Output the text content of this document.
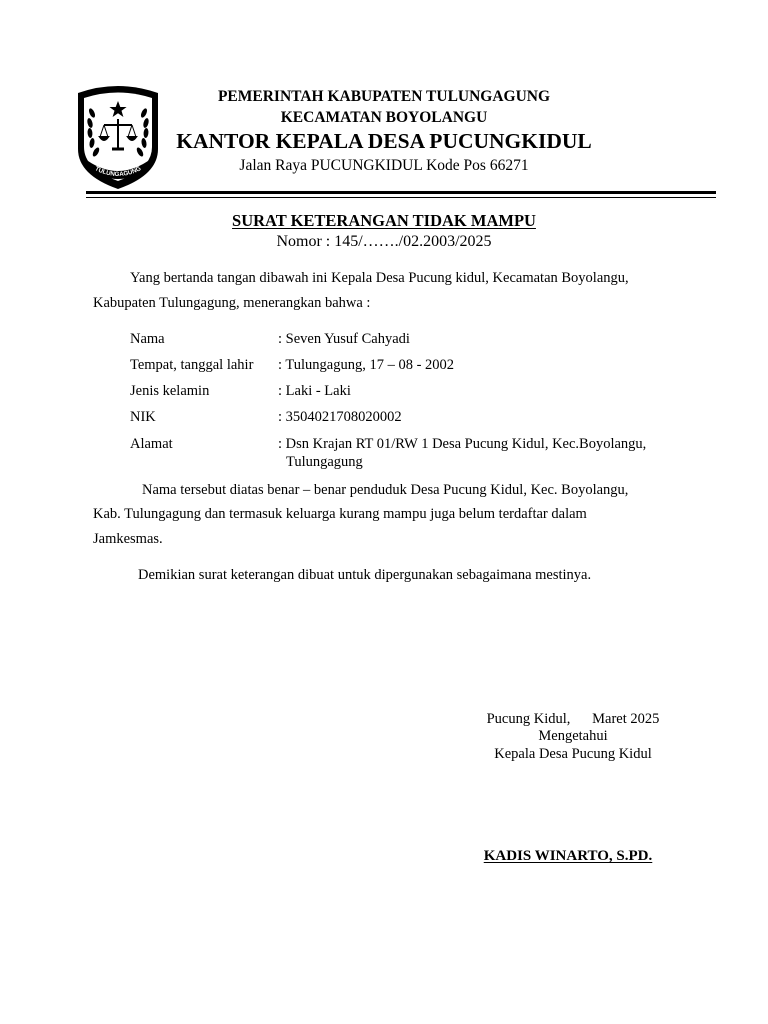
TULUNGAGUNG
PEMERINTAH KABUPATEN TULUNGAGUNG
KECAMATAN BOYOLANGU
KANTOR KEPALA DESA PUCUNGKIDUL
Jalan Raya PUCUNGKIDUL Kode Pos 66271
SURAT KETERANGAN TIDAK MAMPU
Nomor : 145/……./02.2003/2025
Yang bertanda tangan dibawah ini Kepala Desa Pucung kidul, Kecamatan Boyolangu,
Kabupaten Tulungagung, menerangkan bahwa :
Nama	: Seven Yusuf Cahyadi
Tempat, tanggal lahir : Tulungagung, 17 – 08 - 2002
Jenis kelamin	: Laki - Laki
NIK	: 3504021708020002
Alamat	: Dsn Krajan RT 01/RW 1 Desa Pucung Kidul, Kec.Boyolangu,
Tulungagung
Nama tersebut diatas benar – benar penduduk Desa Pucung Kidul, Kec. Boyolangu,
Kab. Tulungagung dan termasuk keluarga kurang mampu juga belum terdaftar dalam
Jamkesmas.
Demikian surat keterangan dibuat untuk dipergunakan sebagaimana mestinya.
Pucung Kidul,      Maret 2025
Mengetahui
Kepala Desa Pucung Kidul
KADIS WINARTO, S.PD.
